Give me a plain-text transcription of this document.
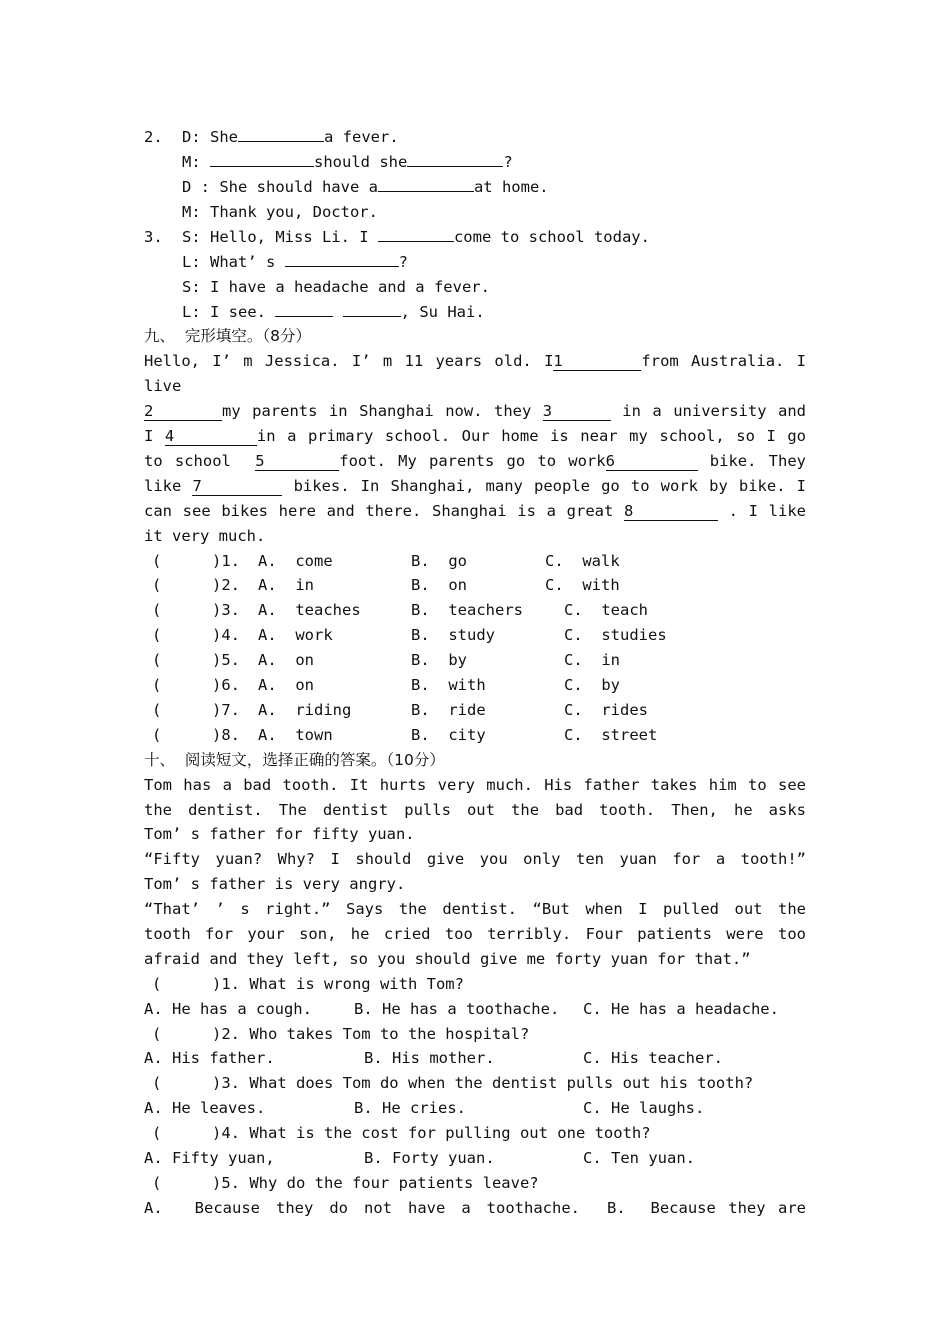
2. D: She	a fever.
M:	should she	?
D : She should have a	at home.
M: Thank you, Doctor.
3. S: Hello, Miss Li. I	come to school today.
L: What’ s	?
S: I have a headache and a fever.
L: I see.	, Su Hai.
九、  完形填空。（8分）
Hello, I’ m Jessica. I’ m 11 years old. I1	from Australia. I
live
2	my parents in Shanghai now. they 3	in a university and
I 4	in a primary school. Our home is near my school, so I go
to school  5	foot. My parents go to work6	bike. They
like 7	bikes. In Shanghai, many people go to work by bike. I
can see bikes here and there. Shanghai is a great 8	. I like
it very much.
(	)1. A.  come	B.  go	C.  walk
(	)2. A.  in	B.  on	C.  with
(	)3. A.  teaches	B.  teachers	C.  teach
(	)4. A.  work	B.  study	C.  studies
(	)5. A.  on	B.  by	C.  in
(	)6. A.  on	B.  with	C.  by
(	)7. A.  riding	B.  ride	C.  rides
(	)8. A.  town	B.  city	C.  street
十、  阅读短文，选择正确的答案。（10分）
Tom has a bad tooth. It hurts very much. His father takes him to see
the dentist. The dentist pulls out the bad tooth. Then, he asks
Tom’ s father for fifty yuan.
“Fifty yuan? Why? I should give you only ten yuan for a tooth!”
Tom’ s father is very angry.
“That’ ’ s right.” Says the dentist. “But when I pulled out the
tooth for your son, he cried too terribly. Four patients were too
afraid and they left, so you should give me forty yuan for that.”
(	)1. What is wrong with Tom?
A. He has a cough.	B. He has a toothache. C. He has a headache.
(	)2. Who takes Tom to the hospital?
A. His father.	B. His mother.	C. His teacher.
(	)3. What does Tom do when the dentist pulls out his tooth?
A. He leaves.	B. He cries.	C. He laughs.
(	)4. What is the cost for pulling out one tooth?
A. Fifty yuan,	B. Forty yuan.	C. Ten yuan.
(	)5. Why do the four patients leave?
A.  Because they do not have a toothache. B.  Because they are
